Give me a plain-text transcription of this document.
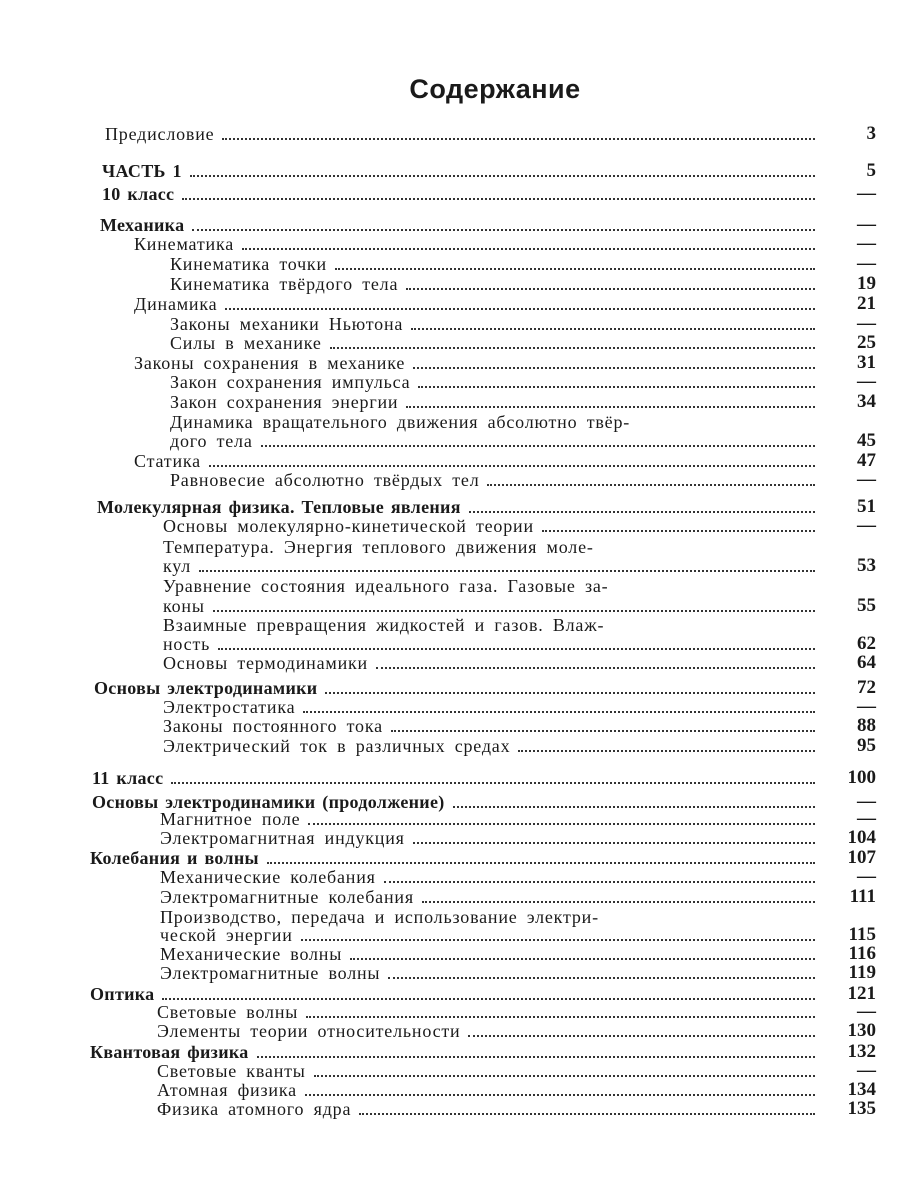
Содержание
Предисловие	3
ЧАСТЬ 1	5
10 класс	—
Механика	—
Кинематика	—
Кинематика точки	—
Кинематика твёрдого тела	19
Динамика	21
Законы механики Ньютона	—
Силы в механике	25
Законы сохранения в механике	31
Закон сохранения импульса	—
Закон сохранения энергии	34
Динамика вращательного движения абсолютно твёр-
дого тела	45
Статика	47
Равновесие абсолютно твёрдых тел	—
Молекулярная физика. Тепловые явления	51
Основы молекулярно-кинетической теории	—
Температура. Энергия теплового движения моле-
кул	53
Уравнение состояния идеального газа. Газовые за-
коны	55
Взаимные превращения жидкостей и газов. Влаж-
ность	62
Основы термодинамики	64
Основы электродинамики	72
Электростатика	—
Законы постоянного тока	88
Электрический ток в различных средах	95
11 класс	100
Основы электродинамики (продолжение)	—
Магнитное поле	—
Электромагнитная индукция	104
Колебания и волны	107
Механические колебания	—
Электромагнитные колебания	111
Производство, передача и использование электри-
ческой энергии	115
Механические волны	116
Электромагнитные волны	119
Оптика	121
Световые волны	—
Элементы теории относительности	130
Квантовая физика	132
Световые кванты	—
Атомная физика	134
Физика атомного ядра	135
